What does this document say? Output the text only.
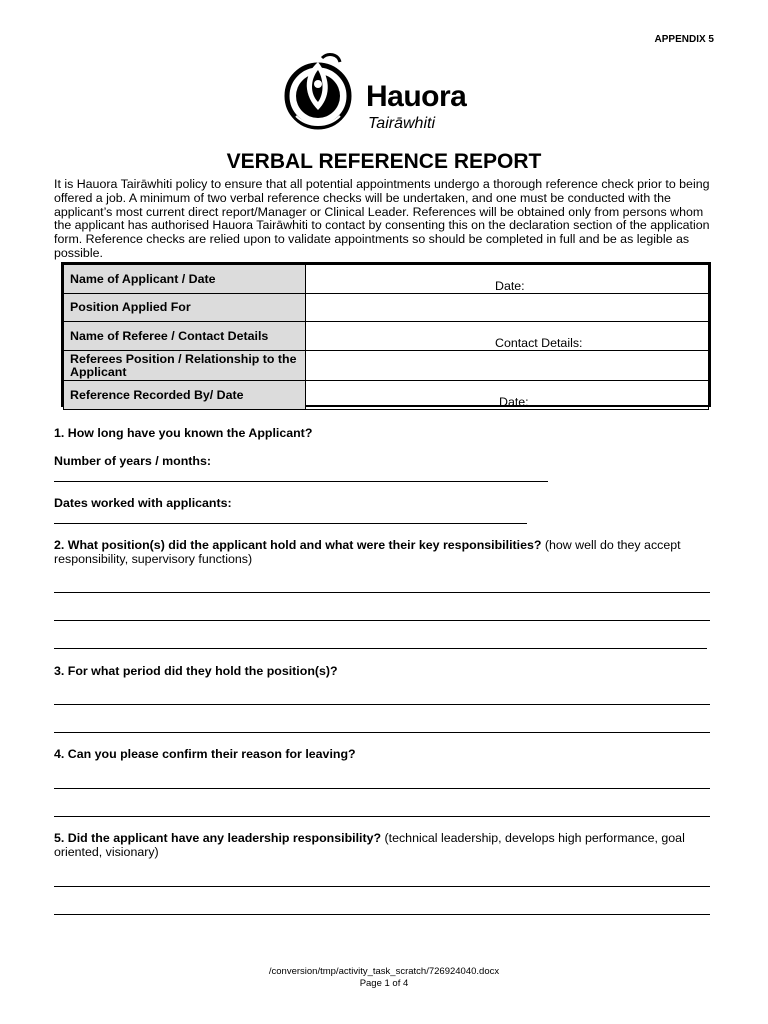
APPENDIX 5
Hauora
Tairāwhiti
VERBAL REFERENCE REPORT
It is Hauora Tairāwhiti policy to ensure that all potential appointments undergo a thorough reference check prior to being offered a job. A minimum of two verbal reference checks will be undertaken, and one must be conducted with the applicant’s most current direct report/Manager or Clinical Leader. References will be obtained only from persons whom the applicant has authorised Hauora Tairāwhiti to contact by consenting this on the declaration section of the application form. Reference checks are relied upon to validate appointments so should be completed in full and be as legible as possible.
Name of Applicant / Date	Date:

Position Applied For	
Name of Referee / Contact Details	Contact Details:

Referees Position / Relationship to the Applicant	
Reference Recorded By/ Date	Date:
1. How long have you known the Applicant?
Number of years / months:
Dates worked with applicants:
2. What position(s) did the applicant hold and what were their key responsibilities? (how well do they accept responsibility, supervisory functions)
3. For what period did they hold the position(s)?
4. Can you please confirm their reason for leaving?
5. Did the applicant have any leadership responsibility? (technical leadership, develops high performance, goal oriented, visionary)
/conversion/tmp/activity_task_scratch/726924040.docx
Page 1 of 4
